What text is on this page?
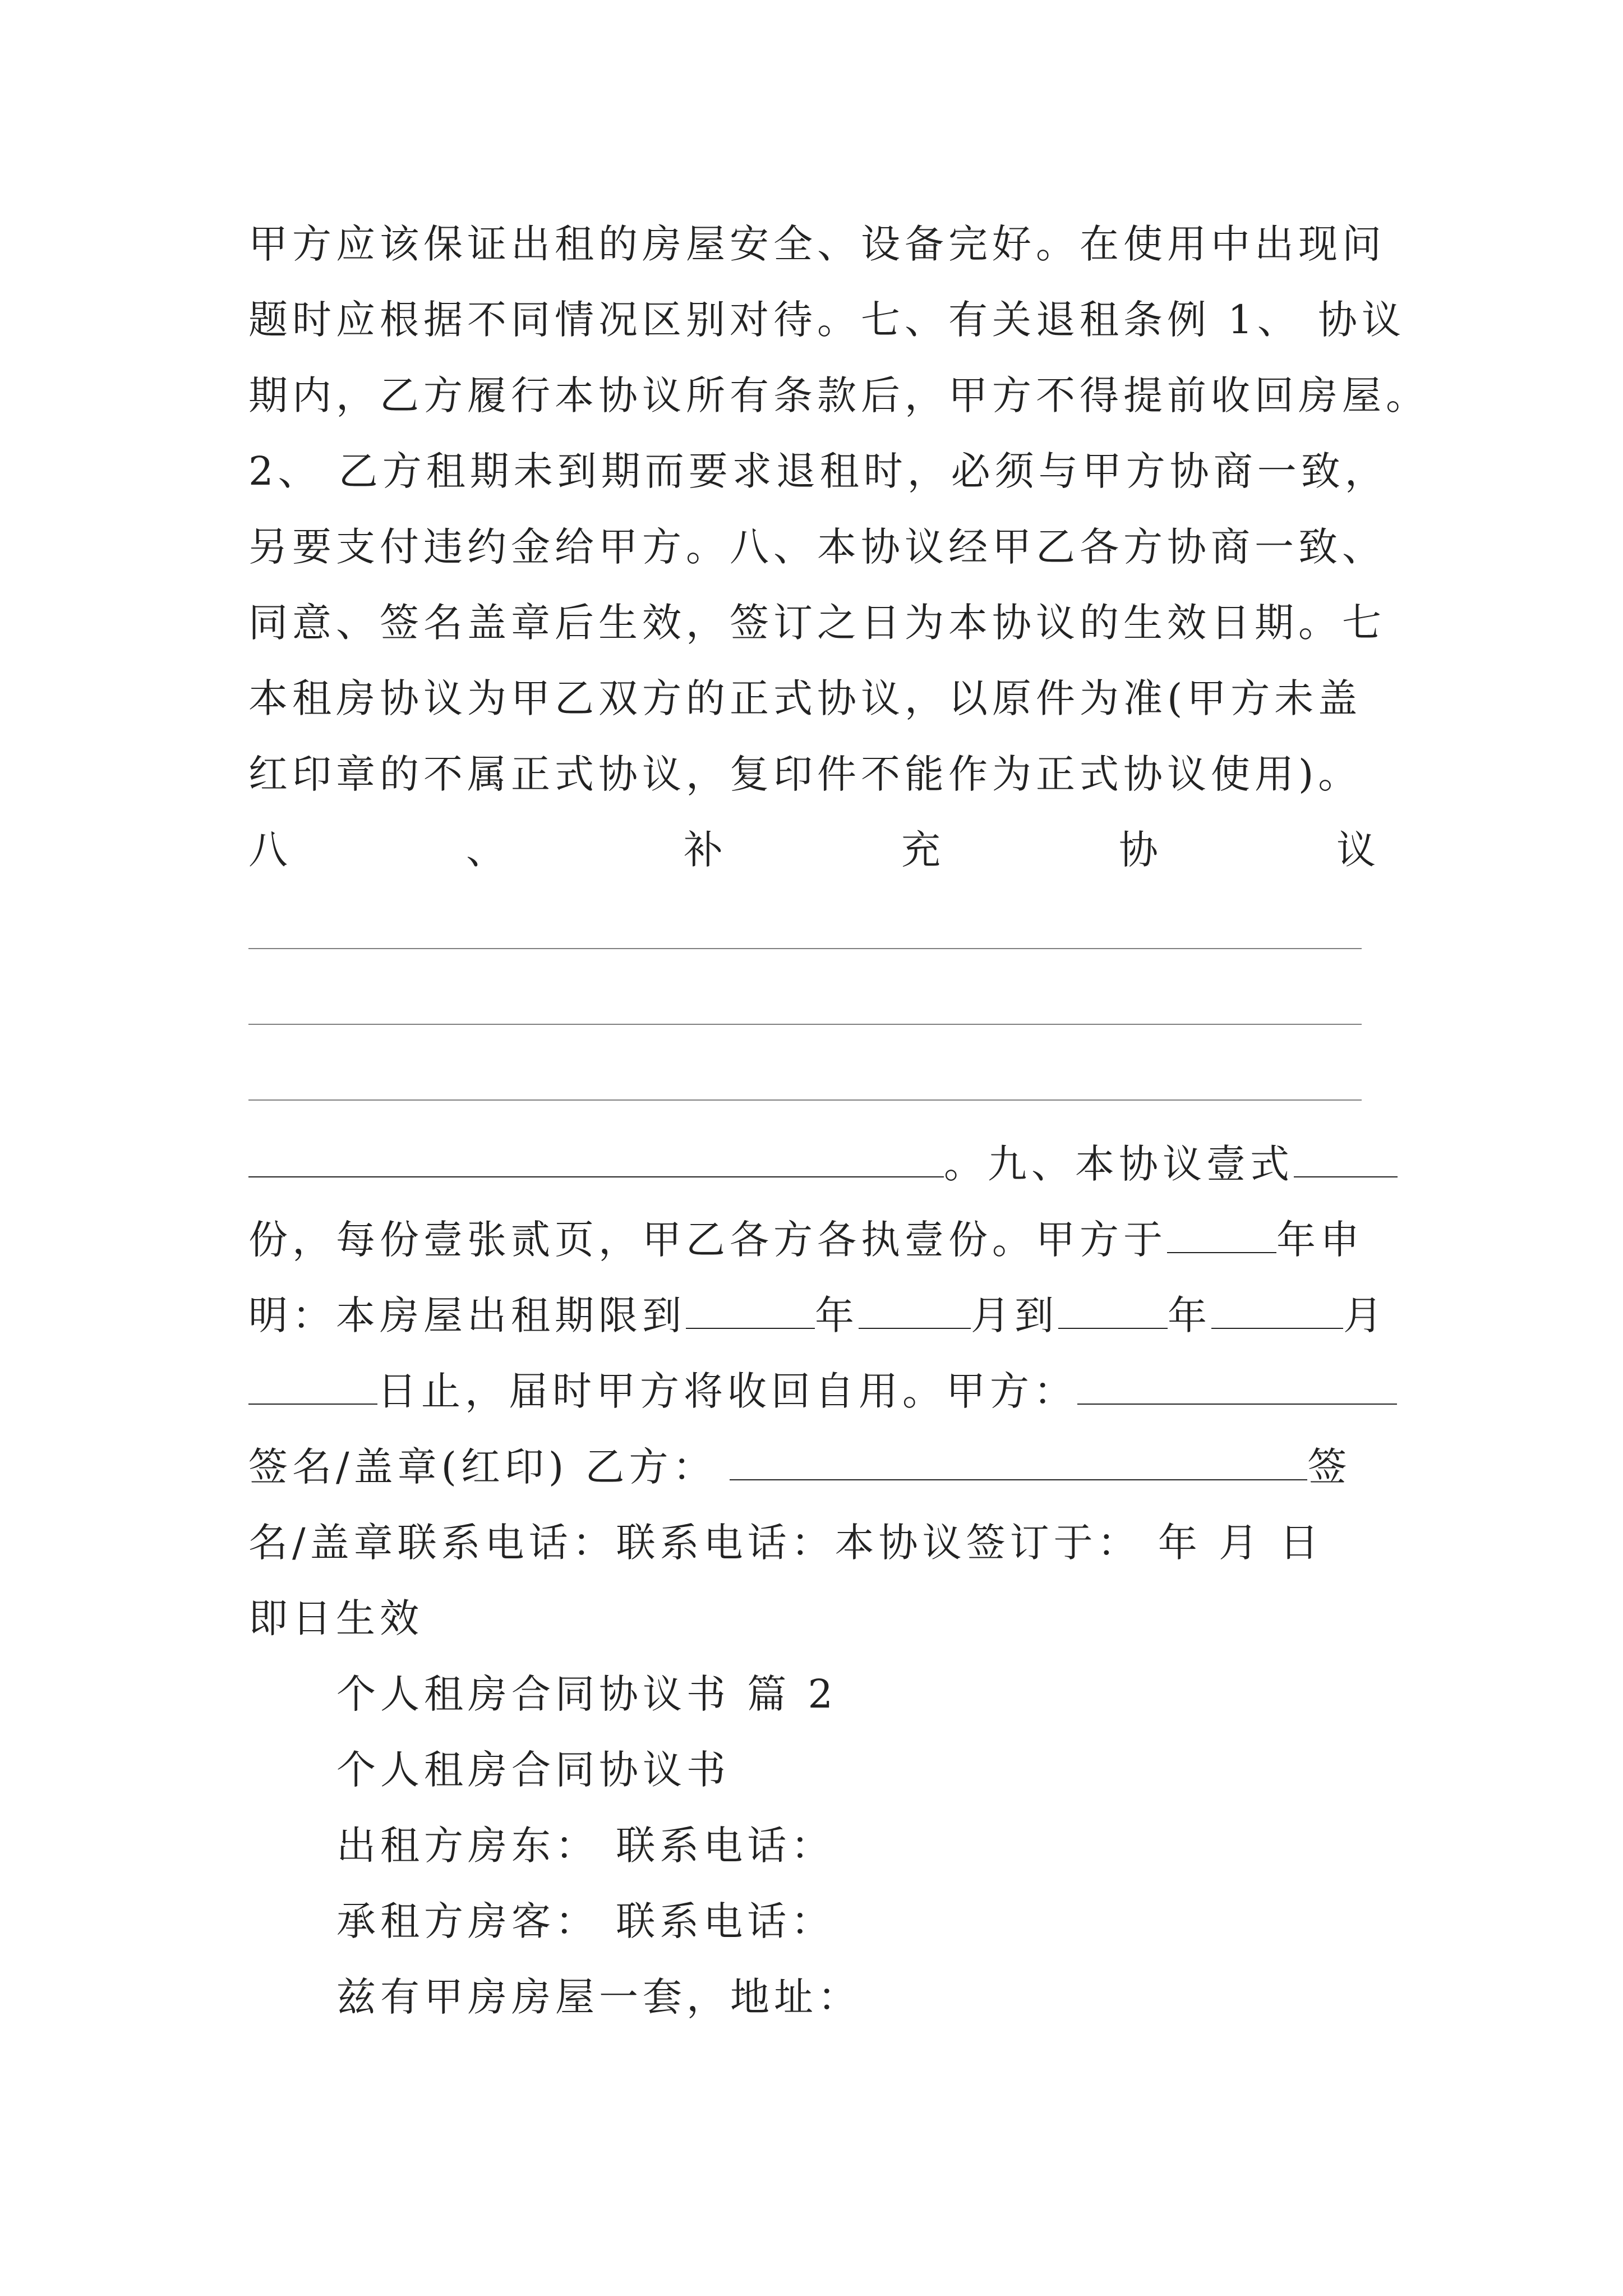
甲方应该保证出租的房屋安全、设备完好。在使用中出现问
题时应根据不同情况区别对待。七、有关退租条例 1、 协议
期内，乙方履行本协议所有条款后，甲方不得提前收回房屋。
2、 乙方租期未到期而要求退租时，必须与甲方协商一致，
另要支付违约金给甲方。八、本协议经甲乙各方协商一致、
同意、签名盖章后生效，签订之日为本协议的生效日期。七
本租房协议为甲乙双方的正式协议，以原件为准(甲方未盖
红印章的不属正式协议，复印件不能作为正式协议使用)。
八 、 补 充 协 议
。九、本协议壹式
份，每份壹张贰页，甲乙各方各执壹份。甲方于	年申
明：本房屋出租期限到	年	月到	年	月
日止，届时甲方将收回自用。甲方：
签名/盖章(红印) 乙方：	签
名/盖章联系电话：联系电话：本协议签订于： 年 月 日
即日生效
个人租房合同协议书 篇 2
个人租房合同协议书
出租方房东： 联系电话：
承租方房客： 联系电话：
兹有甲房房屋一套，地址：
